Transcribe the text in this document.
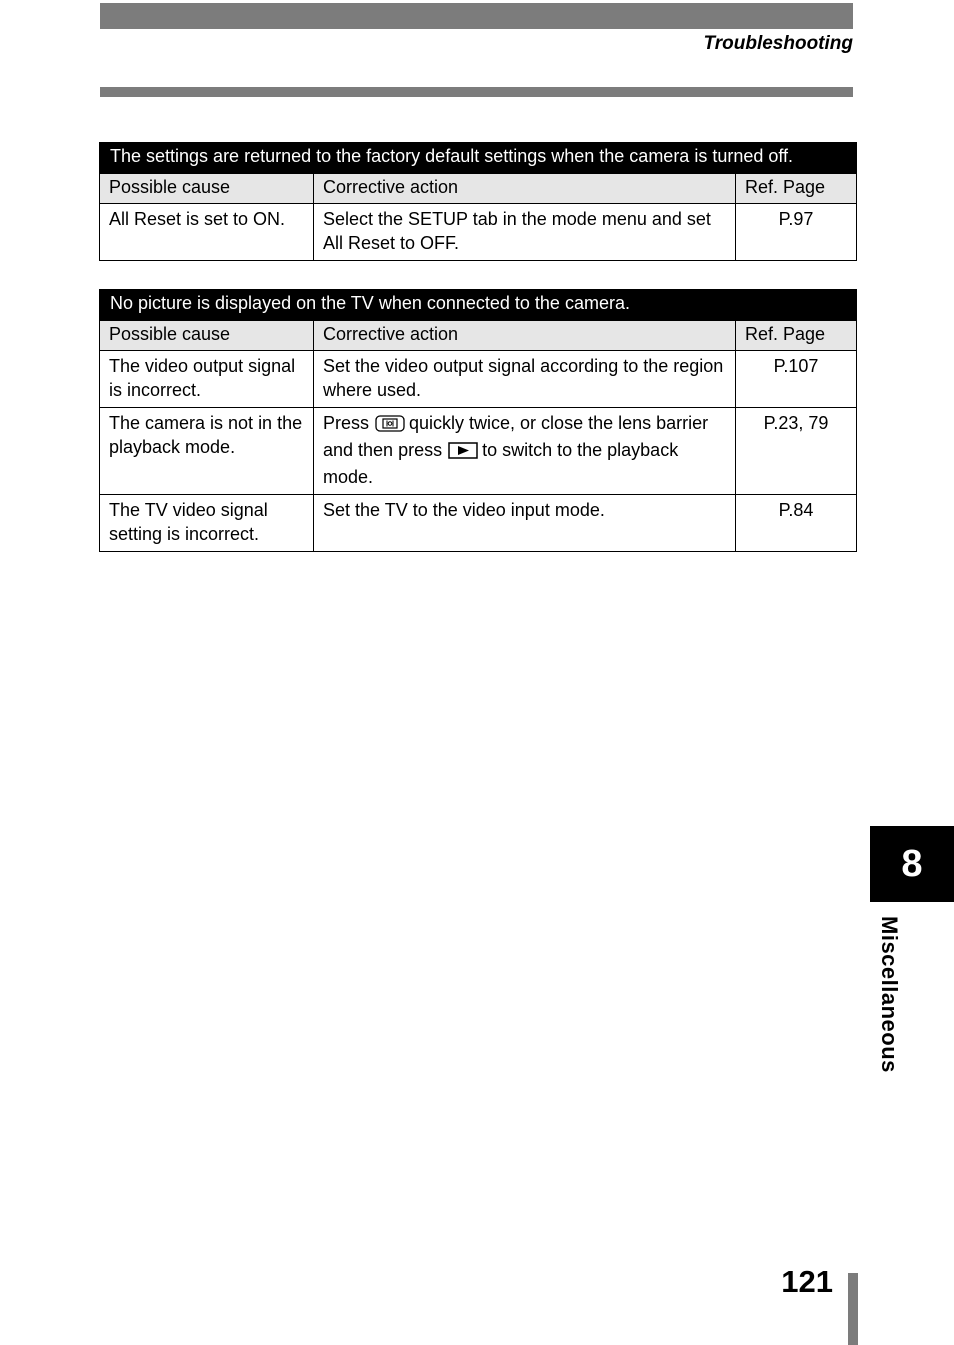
Troubleshooting
The settings are returned to the factory default settings when the camera is turned off.		
Possible cause	Corrective action	Ref. Page
All Reset is set to ON.	Select the SETUP tab in the mode menu and set All Reset to OFF.	P.97
No picture is displayed on the TV when connected to the camera.		
Possible cause	Corrective action	Ref. Page
The video output signal is incorrect.	Set the video output signal according to the region where used.	P.107
The camera is not in the playback mode.	Press quickly twice, or close the lens barrier and then press to switch to the playback mode.	P.23, 79
The TV video signal setting is incorrect.	Set the TV to the video input mode.	P.84
8
Miscellaneous
121
